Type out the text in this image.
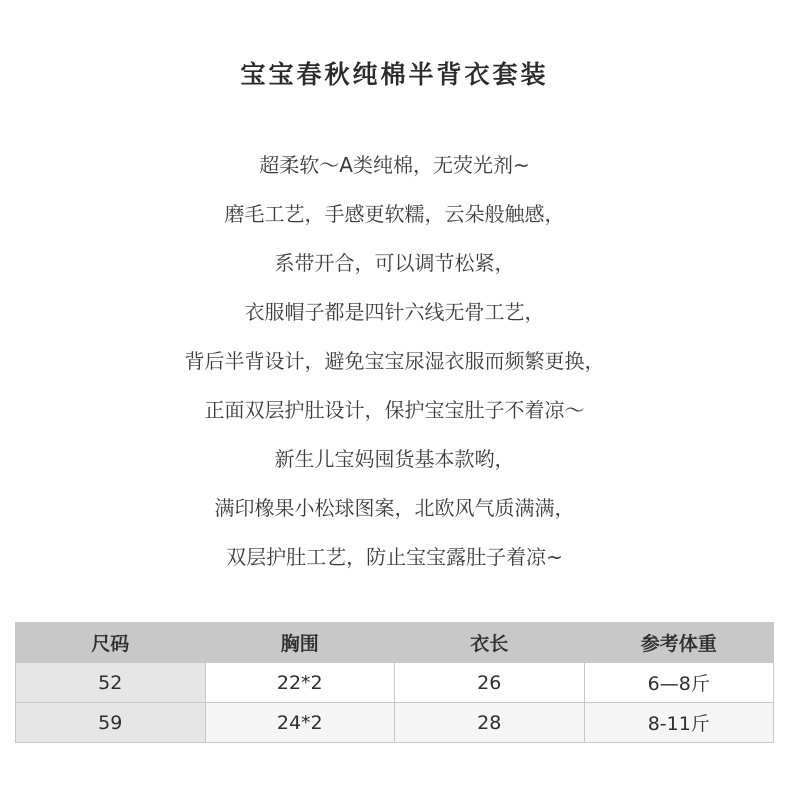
宝宝春秋纯棉半背衣套装
超柔软～A类纯棉，无荧光剂~
磨毛工艺，手感更软糯，云朵般触感，
系带开合，可以调节松紧，
衣服帽子都是四针六线无骨工艺，
背后半背设计，避免宝宝尿湿衣服而频繁更换，
正面双层护肚设计，保护宝宝肚子不着凉～
新生儿宝妈囤货基本款哟，
满印橡果小松球图案，北欧风气质满满，
双层护肚工艺，防止宝宝露肚子着凉~
尺码	胸围	衣长	参考体重
52	22*2	26	6—8斤
59	24*2	28	8-11斤
